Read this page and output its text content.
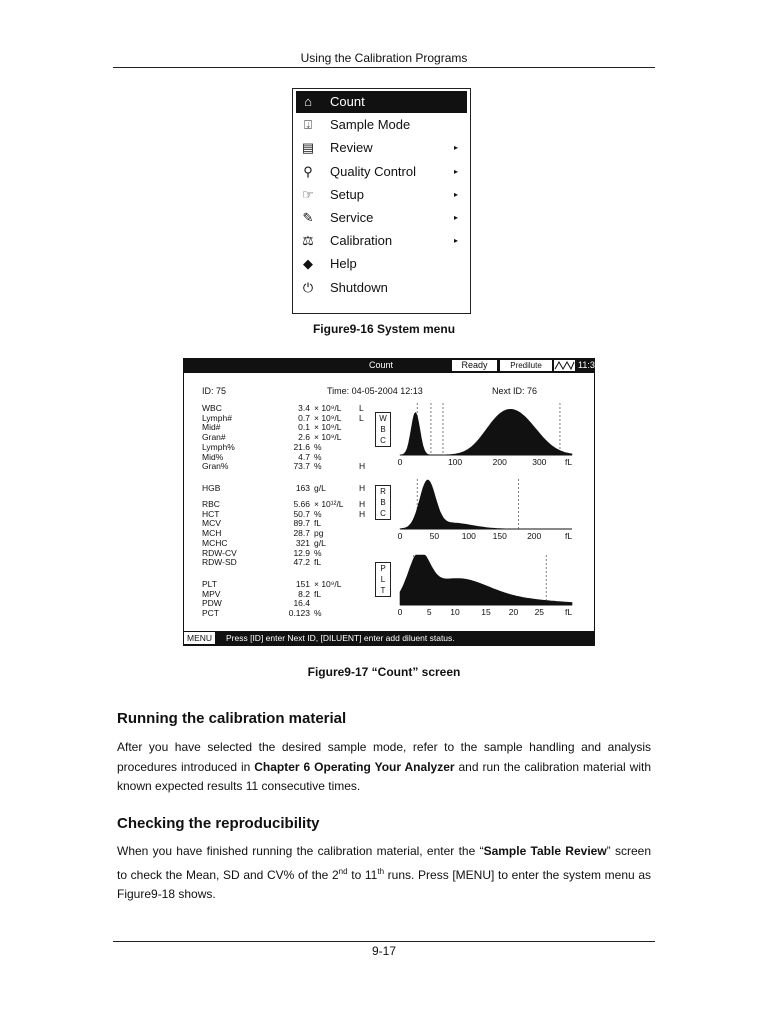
Using the Calibration Programs
⌂	Count
⍗	Sample Mode
▤ Review	▸
⚲	Quality Control	▸
☞ Setup	▸
✎ Service	▸
⚖ Calibration	▸
◆	Help
⏻ Shutdown
Figure9-16 System menu
Count	Ready	Predilute	11:30
ID: 75	Time: 04-05-2004 12:13	Next ID: 76
WBC	3.4 × 10⁹/L	L
Lymph#	0.7 × 10⁹/L	L
Mid#	0.1 × 10⁹/L
Gran#	2.6 × 10⁹/L
Lymph%	21.6 %
Mid%	4.7 %
Gran%	73.7 %	H
HGB	163 g/L	H
RBC	5.66 × 10¹²/L	H
HCT	50.7 %	H
MCV	89.7 fL
MCH	28.7 pg
MCHC	321 g/L
RDW-CV	12.9 %
RDW-SD	47.2 fL
PLT	151 × 10⁹/L
MPV	8.2 fL
PDW	16.4
PCT	0.123 %
W
B
C
R
B
C
P
L
T
0	100	200	300 fL
0	50	100 150 200	fL
0	5 10	15 20 25 fL
MENU	Press [ID] enter Next ID, [DILUENT] enter add diluent status.
Figure9-17 “Count” screen
Running the calibration material
After you have selected the desired sample mode, refer to the sample handling and analysis procedures introduced in Chapter 6 Operating Your Analyzer and run the calibration material with known expected results 11 consecutive times.
Checking the reproducibility
When you have finished running the calibration material, enter the “Sample Table Review” screen to check the Mean, SD and CV% of the 2nd to 11th runs. Press [MENU] to enter the system menu as Figure9-18 shows.
9-17
